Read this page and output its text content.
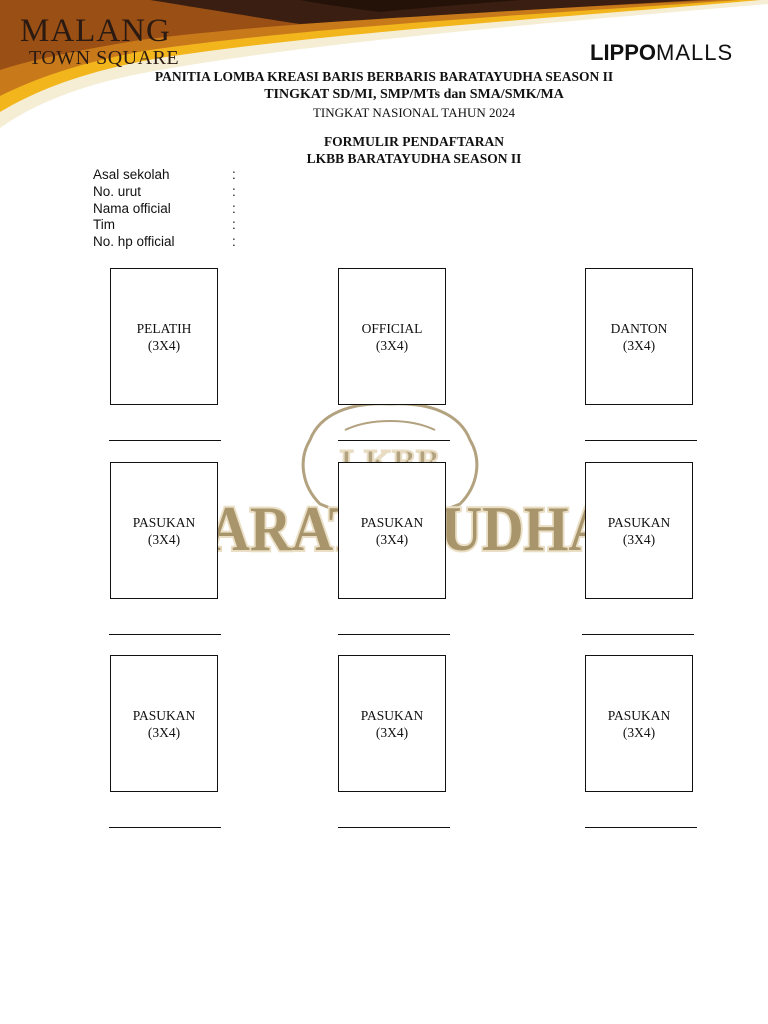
MALANG
TOWN SQUARE	LIPPOMALLS
PANITIA LOMBA KREASI BARIS BERBARIS BARATAYUDHA SEASON II
TINGKAT SD/MI, SMP/MTs dan SMA/SMK/MA
TINGKAT NASIONAL TAHUN 2024
FORMULIR PENDAFTARAN
LKBB BARATAYUDHA SEASON II
Asal sekolah	:
No. urut	:
Nama official	:
Tim	:
No. hp official	:
PELATIH
(3X4)
OFFICIAL
(3X4)
DANTON
(3X4)
PASUKAN
(3X4)
PASUKAN
(3X4)
PASUKAN
(3X4)
PASUKAN
(3X4)
PASUKAN
(3X4)
PASUKAN
(3X4)
